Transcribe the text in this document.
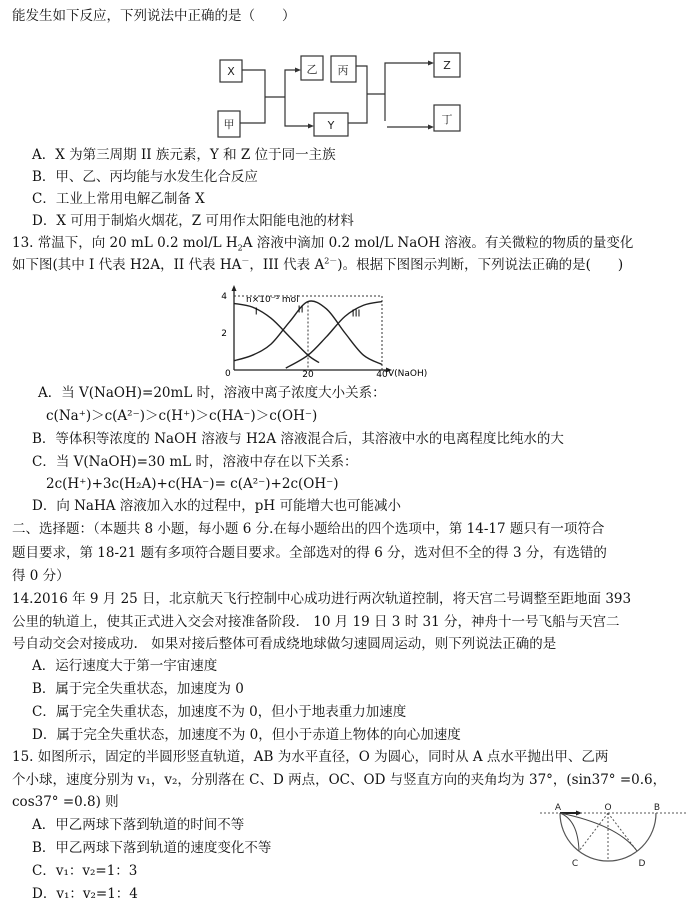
能发生如下反应，下列说法中正确的是（　　）
X
甲
乙 丙
Y
Z
丁
A．X 为第三周期 II 族元素，Y 和 Z 位于同一主族
B．甲、乙、丙均能与水发生化合反应
C．工业上常用电解乙制备 X
D．X 可用于制焰火烟花，Z 可用作太阳能电池的材料
13. 常温下，向 20 mL 0.2 mol/L $H_2A$ 溶液中滴加 0.2 mol/L NaOH 溶液。有关微粒的物质的量变化
如下图(其中 I 代表 H2A，II 代表 HA－，III 代表 $A^{2-}$)。根据下图图示判断，下列说法正确的是(　　)
n×10⁻³ mol
V(NaOH)
0
2
4
20	40
I	II	III
A．当 V(NaOH)=20mL 时，溶液中离子浓度大小关系：
c(Na⁺)＞c(A²⁻)＞c(H⁺)＞c(HA⁻)＞c(OH⁻)
B．等体积等浓度的 NaOH 溶液与 H2A 溶液混合后，其溶液中水的电离程度比纯水的大
C．当 V(NaOH)=30 mL 时，溶液中存在以下关系：
2c(H⁺)+3c(H₂A)+c(HA⁻)= c(A²⁻)+2c(OH⁻)
D．向 NaHA 溶液加入水的过程中，pH 可能增大也可能减小
二、选择题：（本题共 8 小题，每小题 6 分.在每小题给出的四个选项中，第 14-17 题只有一项符合
题目要求，第 18-21 题有多项符合题目要求。全部选对的得 6 分，选对但不全的得 3 分，有选错的
得 0 分）
14.2016 年 9 月 25 日，北京航天飞行控制中心成功进行两次轨道控制，将天宫二号调整至距地面 393
公里的轨道上，使其正式进入交会对接准备阶段.　10 月 19 日 3 时 31 分，神舟十一号飞船与天宫二
号自动交会对接成功.　如果对接后整体可看成绕地球做匀速圆周运动，则下列说法正确的是
A．运行速度大于第一宇宙速度
B．属于完全失重状态，加速度为 0
C．属于完全失重状态，加速度不为 0，但小于地表重力加速度
D．属于完全失重状态，加速度不为 0，但小于赤道上物体的向心加速度
15. 如图所示，固定的半圆形竖直轨道，AB 为水平直径，O 为圆心，同时从 A 点水平抛出甲、乙两
个小球，速度分别为 v₁，v₂，分别落在 C、D 两点，OC、OD 与竖直方向的夹角均为 37°，(sin37° =0.6，
cos37° =0.8) 则
A．甲乙两球下落到轨道的时间不等
B．甲乙两球下落到轨道的速度变化不等
C．v₁：v₂=1：3
D．v₁：v₂=1：4
A	O	B
C	D
